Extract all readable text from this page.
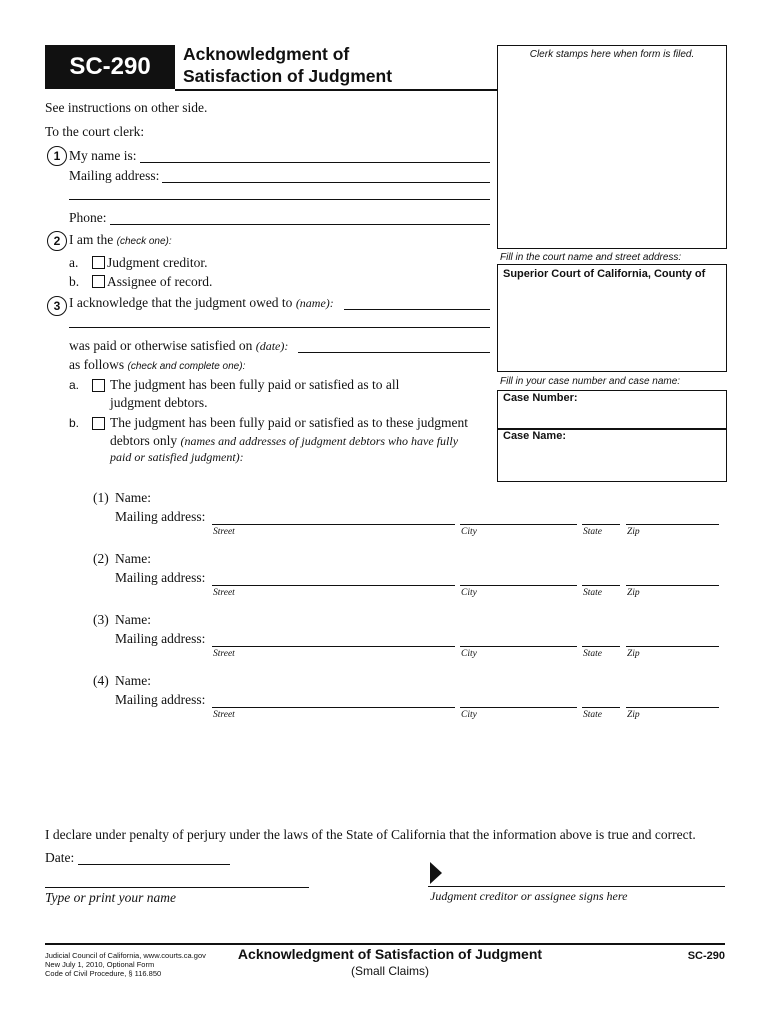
SC-290	Acknowledgment of
Satisfaction of Judgment
Clerk stamps here when form is filed.
Fill in the court name and street address:
Superior Court of California, County of
Fill in your case number and case name:
Case Number:
Case Name:
See instructions on other side.
To the court clerk:
1 My name is:
Mailing address:
Phone:
2 I am the (check one):
a. Judgment creditor.
b. Assignee of record.
3 I acknowledge that the judgment owed to (name):
was paid or otherwise satisfied on (date):
as follows (check and complete one):
a. The judgment has been fully paid or satisfied as to all
judgment debtors.
b. The judgment has been fully paid or satisfied as to these judgment
debtors only (names and addresses of judgment debtors who have fully
paid or satisfied judgment):
(1) Name:
Mailing address:
Street	City	State	Zip
(2) Name:
Mailing address:
Street	City	State	Zip
(3) Name:
Mailing address:
Street	City	State	Zip
(4) Name:
Mailing address:
Street	City	State	Zip
I declare under penalty of perjury under the laws of the State of California that the information above is true and correct.
Date:
Type or print your name	Judgment creditor or assignee signs here
Judicial Council of California, www.courts.ca.gov
New July 1, 2010, Optional Form
Code of Civil Procedure, § 116.850
Acknowledgment of Satisfaction of Judgment
(Small Claims)
SC-290
